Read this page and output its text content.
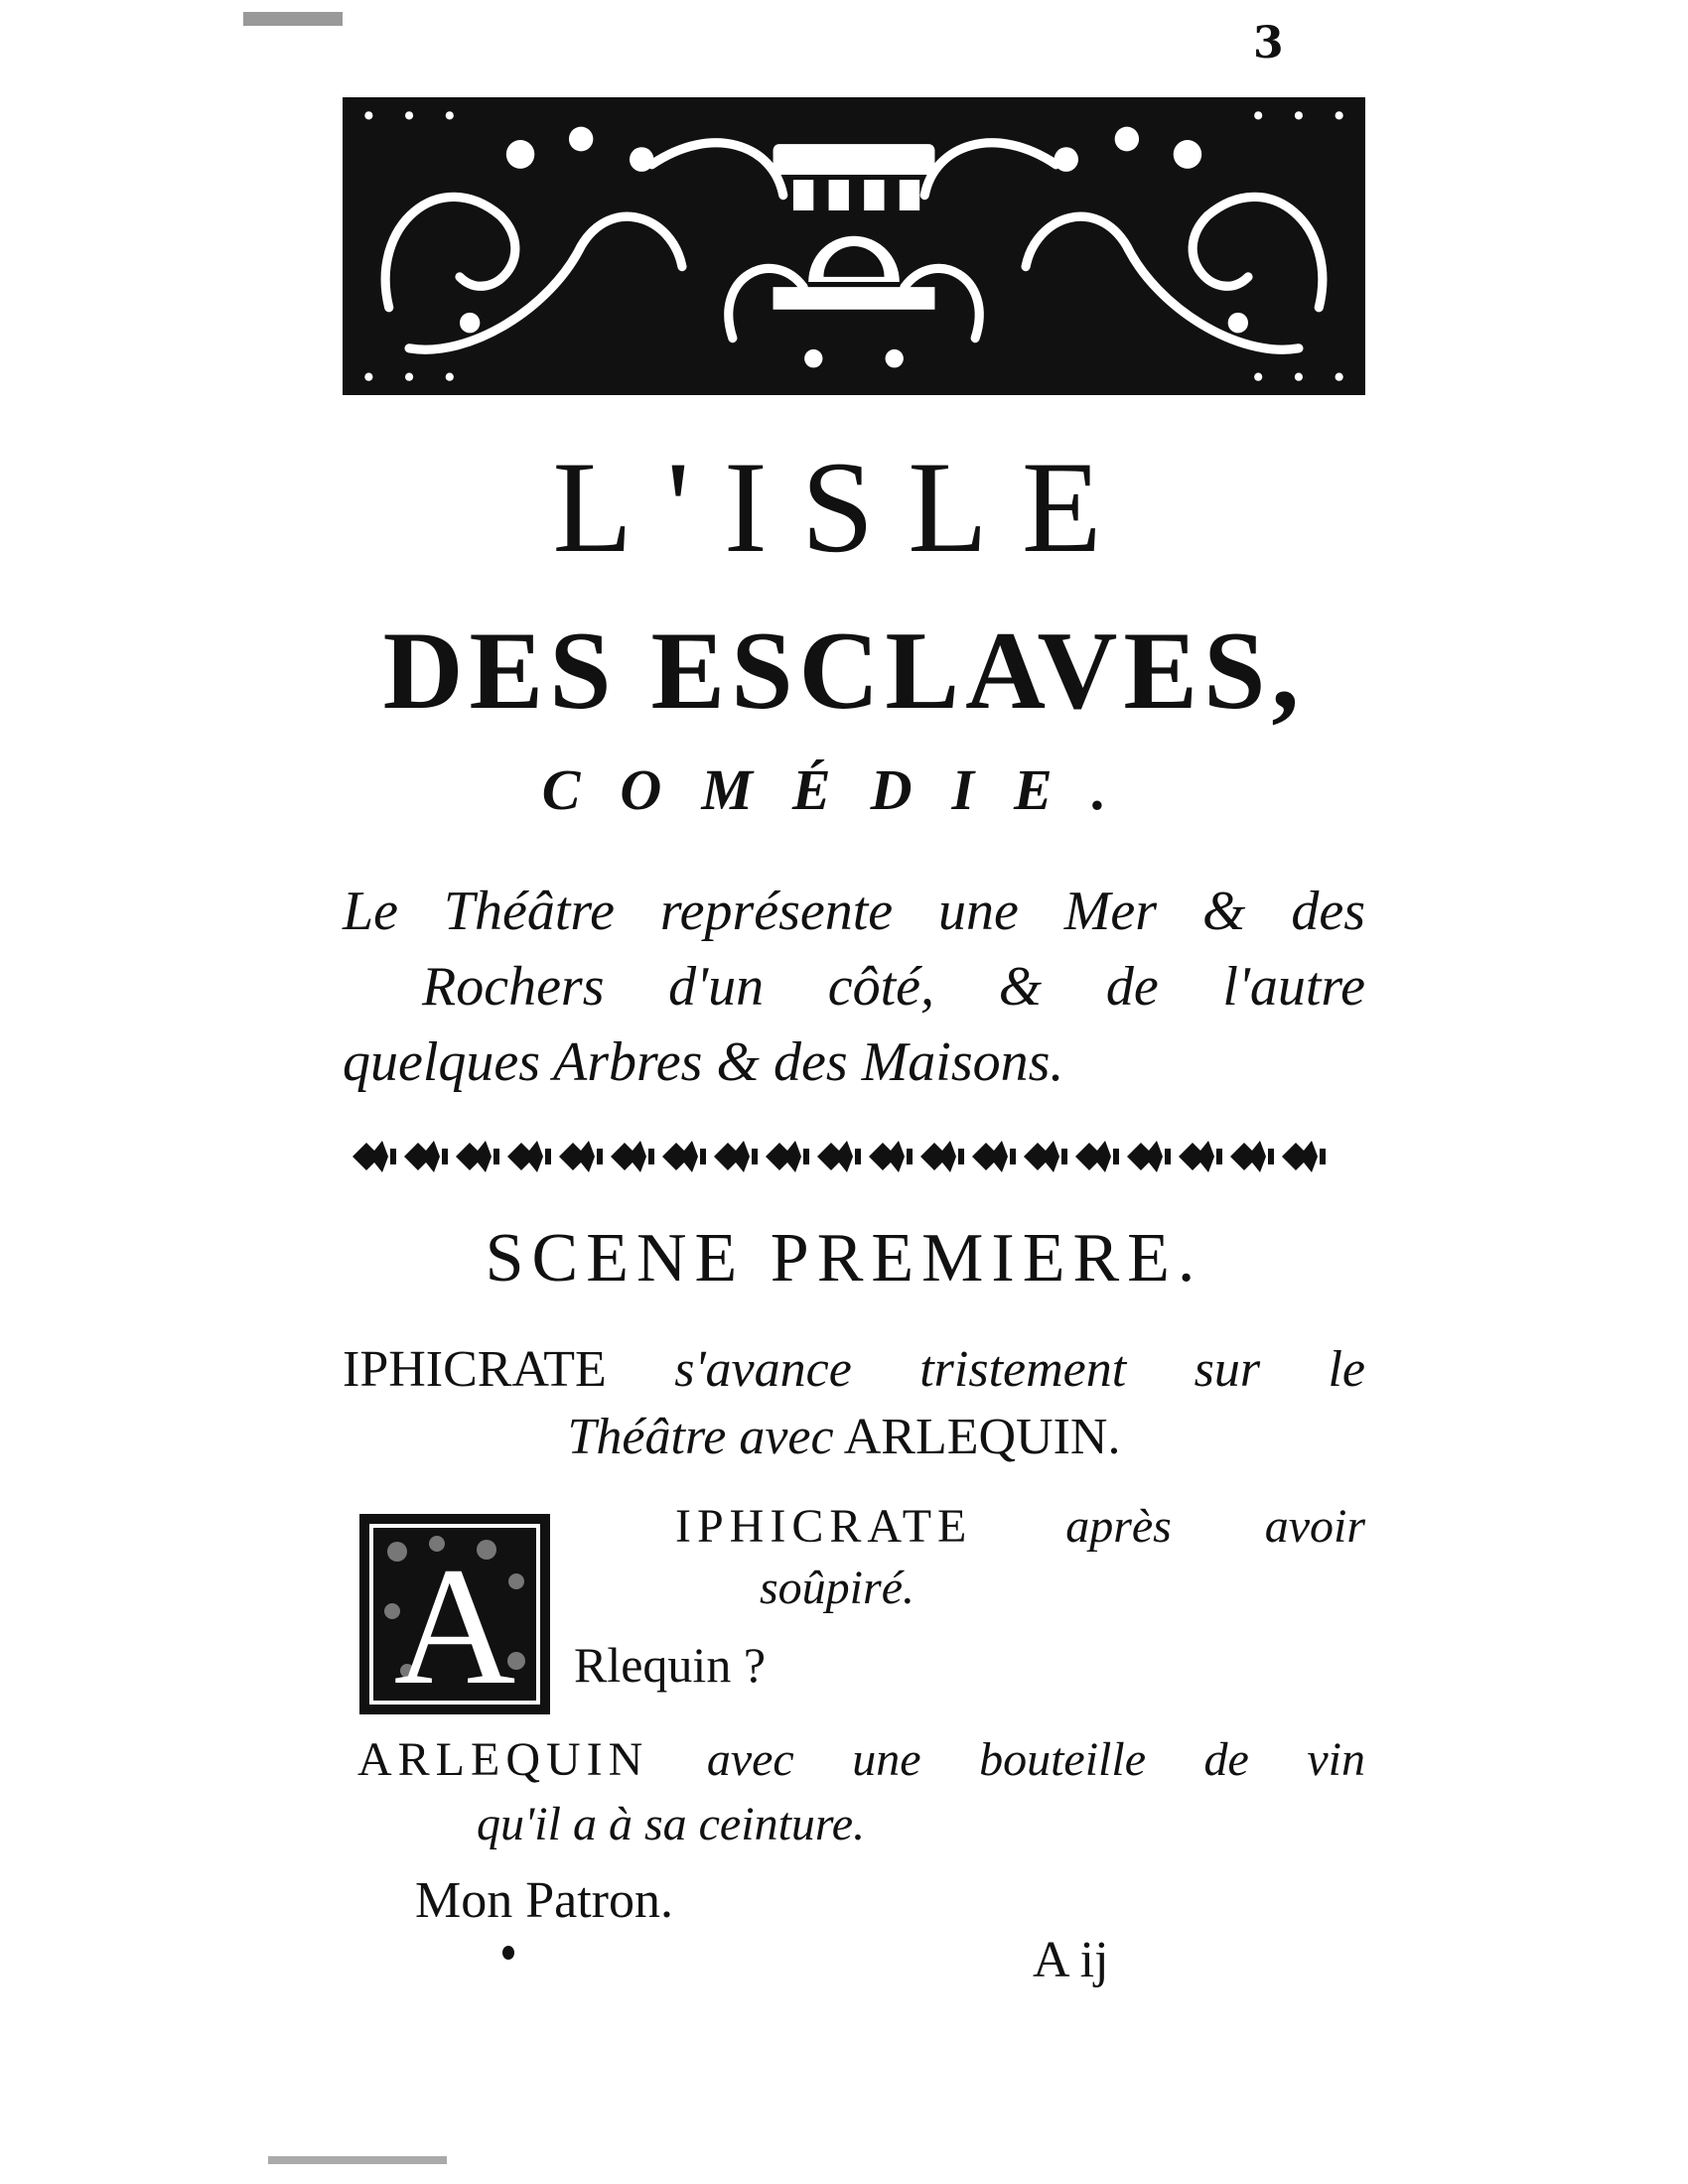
3
L'ISLE
DES ESCLAVES,
COMÉDIE.
Le Théâtre représente une Mer & des
Rochers d'un côté, & de l'autre
quelques Arbres & des Maisons.
SCENE PREMIERE.
IPHICRATE s'avance tristement sur le
Théâtre avec ARLEQUIN.
A
IPHICRATE après avoir
soûpiré.
Rlequin ?
ARLEQUIN avec une bouteille de vin
qu'il a à sa ceinture.
Mon Patron.
A ij
